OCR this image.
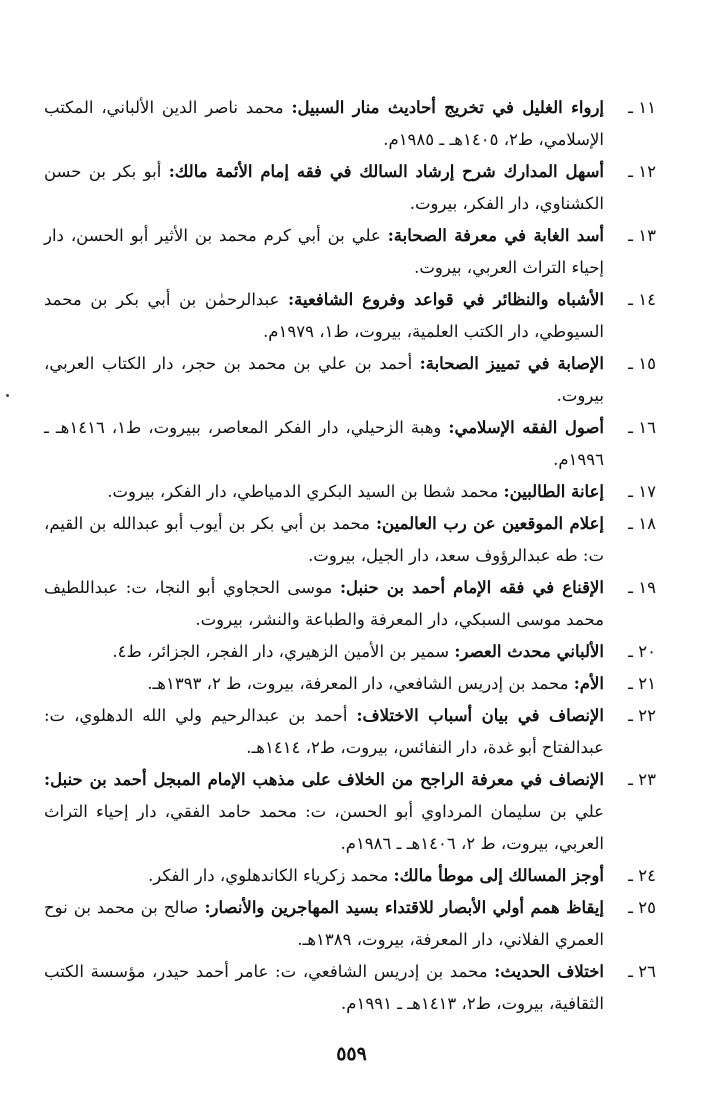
١١ ـ
إرواء الغليل في تخريج أحاديث منار السبيل: محمد ناصر الدين الألباني، المكتب الإسلامي، ط٢، ١٤٠٥هـ ـ ١٩٨٥م.
١٢ ـ
أسهل المدارك شرح إرشاد السالك في فقه إمام الأئمة مالك: أبو بكر بن حسن الكشناوي، دار الفكر، بيروت.
١٣ ـ
أسد الغابة في معرفة الصحابة: علي بن أبي كرم محمد بن الأثير أبو الحسن، دار إحياء التراث العربي، بيروت.
١٤ ـ
الأشباه والنظائر في قواعد وفروع الشافعية: عبدالرحمٰن بن أبي بكر بن محمد السيوطي، دار الكتب العلمية، بيروت، ط١، ١٩٧٩م.
١٥ ـ
الإصابة في تمييز الصحابة: أحمد بن علي بن محمد بن حجر، دار الكتاب العربي، بيروت.
١٦ ـ
أصول الفقه الإسلامي: وهبة الزحيلي، دار الفكر المعاصر، ببيروت، ط١، ١٤١٦هـ ـ ١٩٩٦م.
١٧ ـ
إعانة الطالبين: محمد شطا بن السيد البكري الدمياطي، دار الفكر، بيروت.
١٨ ـ
إعلام الموقعين عن رب العالمين: محمد بن أبي بكر بن أيوب أبو عبدالله بن القيم، ت: طه عبدالرؤوف سعد، دار الجيل، بيروت.
١٩ ـ
الإقناع في فقه الإمام أحمد بن حنبل: موسى الحجاوي أبو النجا، ت: عبداللطيف محمد موسى السبكي، دار المعرفة والطباعة والنشر، بيروت.
٢٠ ـ
الألباني محدث العصر: سمير بن الأمين الزهيري، دار الفجر، الجزائر، ط٤.
٢١ ـ
الأم: محمد بن إدريس الشافعي، دار المعرفة، بيروت، ط ٢، ١٣٩٣هـ.
٢٢ ـ
الإنصاف في بيان أسباب الاختلاف: أحمد بن عبدالرحيم ولي الله الدهلوي، ت: عبدالفتاح أبو غدة، دار النفائس، بيروت، ط٢، ١٤١٤هـ.
٢٣ ـ
الإنصاف في معرفة الراجح من الخلاف على مذهب الإمام المبجل أحمد بن حنبل: علي بن سليمان المرداوي أبو الحسن، ت: محمد حامد الفقي، دار إحياء التراث العربي، بيروت، ط ٢، ١٤٠٦هـ ـ ١٩٨٦م.
٢٤ ـ
أوجز المسالك إلى موطأ مالك: محمد زكرياء الكاندهلوي، دار الفكر.
٢٥ ـ
إيقاظ همم أولي الأبصار للاقتداء بسيد المهاجرين والأنصار: صالح بن محمد بن نوح العمري الفلاني، دار المعرفة، بيروت، ١٣٨٩هـ.
٢٦ ـ
اختلاف الحديث: محمد بن إدريس الشافعي، ت: عامر أحمد حيدر، مؤسسة الكتب الثقافية، بيروت، ط٢، ١٤١٣هـ ـ ١٩٩١م.
٥٥٩
